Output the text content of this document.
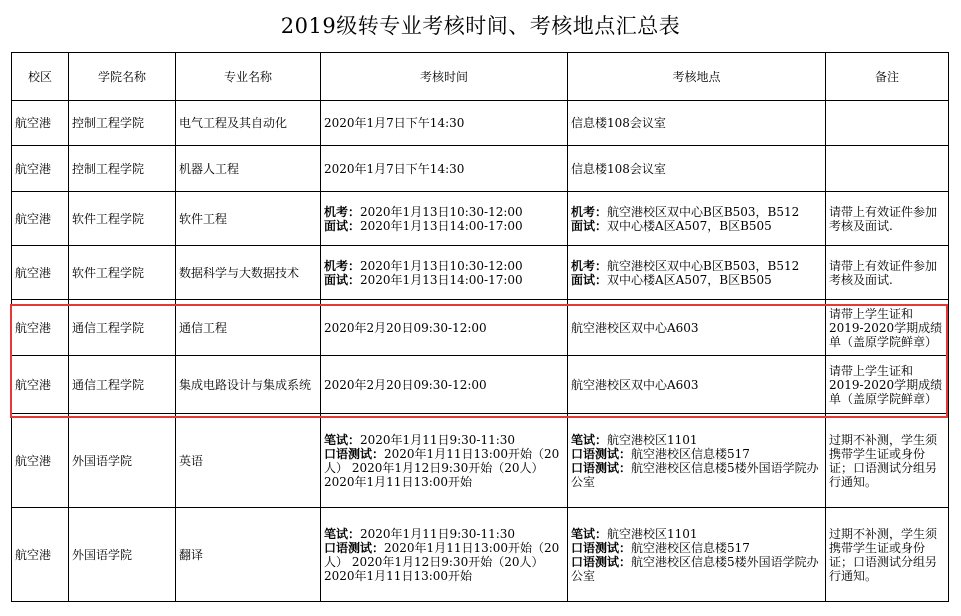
2019级转专业考核时间、考核地点汇总表
校区	学院名称	专业名称	考核时间	考核地点	备注
航空港	控制工程学院	电气工程及其自动化	2020年1月7日下午14:30	信息楼108会议室	

航空港	控制工程学院	机器人工程	2020年1月7日下午14:30	信息楼108会议室	

航空港	软件工程学院	软件工程	机考：2020年1月13日10:30-12:00
面试：2020年1月13日14:00-17:00	机考：航空港校区双中心B区B503，B512
面试：双中心楼A区A507，B区B505	请带上有效证件参加考核及面试.
航空港	软件工程学院	数据科学与大数据技术	机考：2020年1月13日10:30-12:00
面试：2020年1月13日14:00-17:00	机考：航空港校区双中心B区B503，B512
面试：双中心楼A区A507，B区B505	请带上有效证件参加考核及面试.
航空港	通信工程学院	通信工程	2020年2月20日09:30-12:00	航空港校区双中心A603	请带上学生证和2019-2020学期成绩单（盖原学院鲜章）
航空港	通信工程学院	集成电路设计与集成系统	2020年2月20日09:30-12:00	航空港校区双中心A603	请带上学生证和2019-2020学期成绩单（盖原学院鲜章）
航空港	外国语学院	英语	笔试：2020年1月11日9:30-11:30
口语测试：2020年1月11日13:00开始（20人） 2020年1月12日9:30开始（20人） 2020年1月11日13:00开始	笔试：航空港校区1101
口语测试：航空港校区信息楼517
口语测试：航空港校区信息楼5楼外国语学院办公室	过期不补测，学生须携带学生证或身份证；口语测试分组另行通知。
航空港	外国语学院	翻译	笔试：2020年1月11日9:30-11:30
口语测试：2020年1月11日13:00开始（20人） 2020年1月12日9:30开始（20人） 2020年1月11日13:00开始	笔试：航空港校区1101
口语测试：航空港校区信息楼517
口语测试：航空港校区信息楼5楼外国语学院办公室	过期不补测，学生须携带学生证或身份证；口语测试分组另行通知。
